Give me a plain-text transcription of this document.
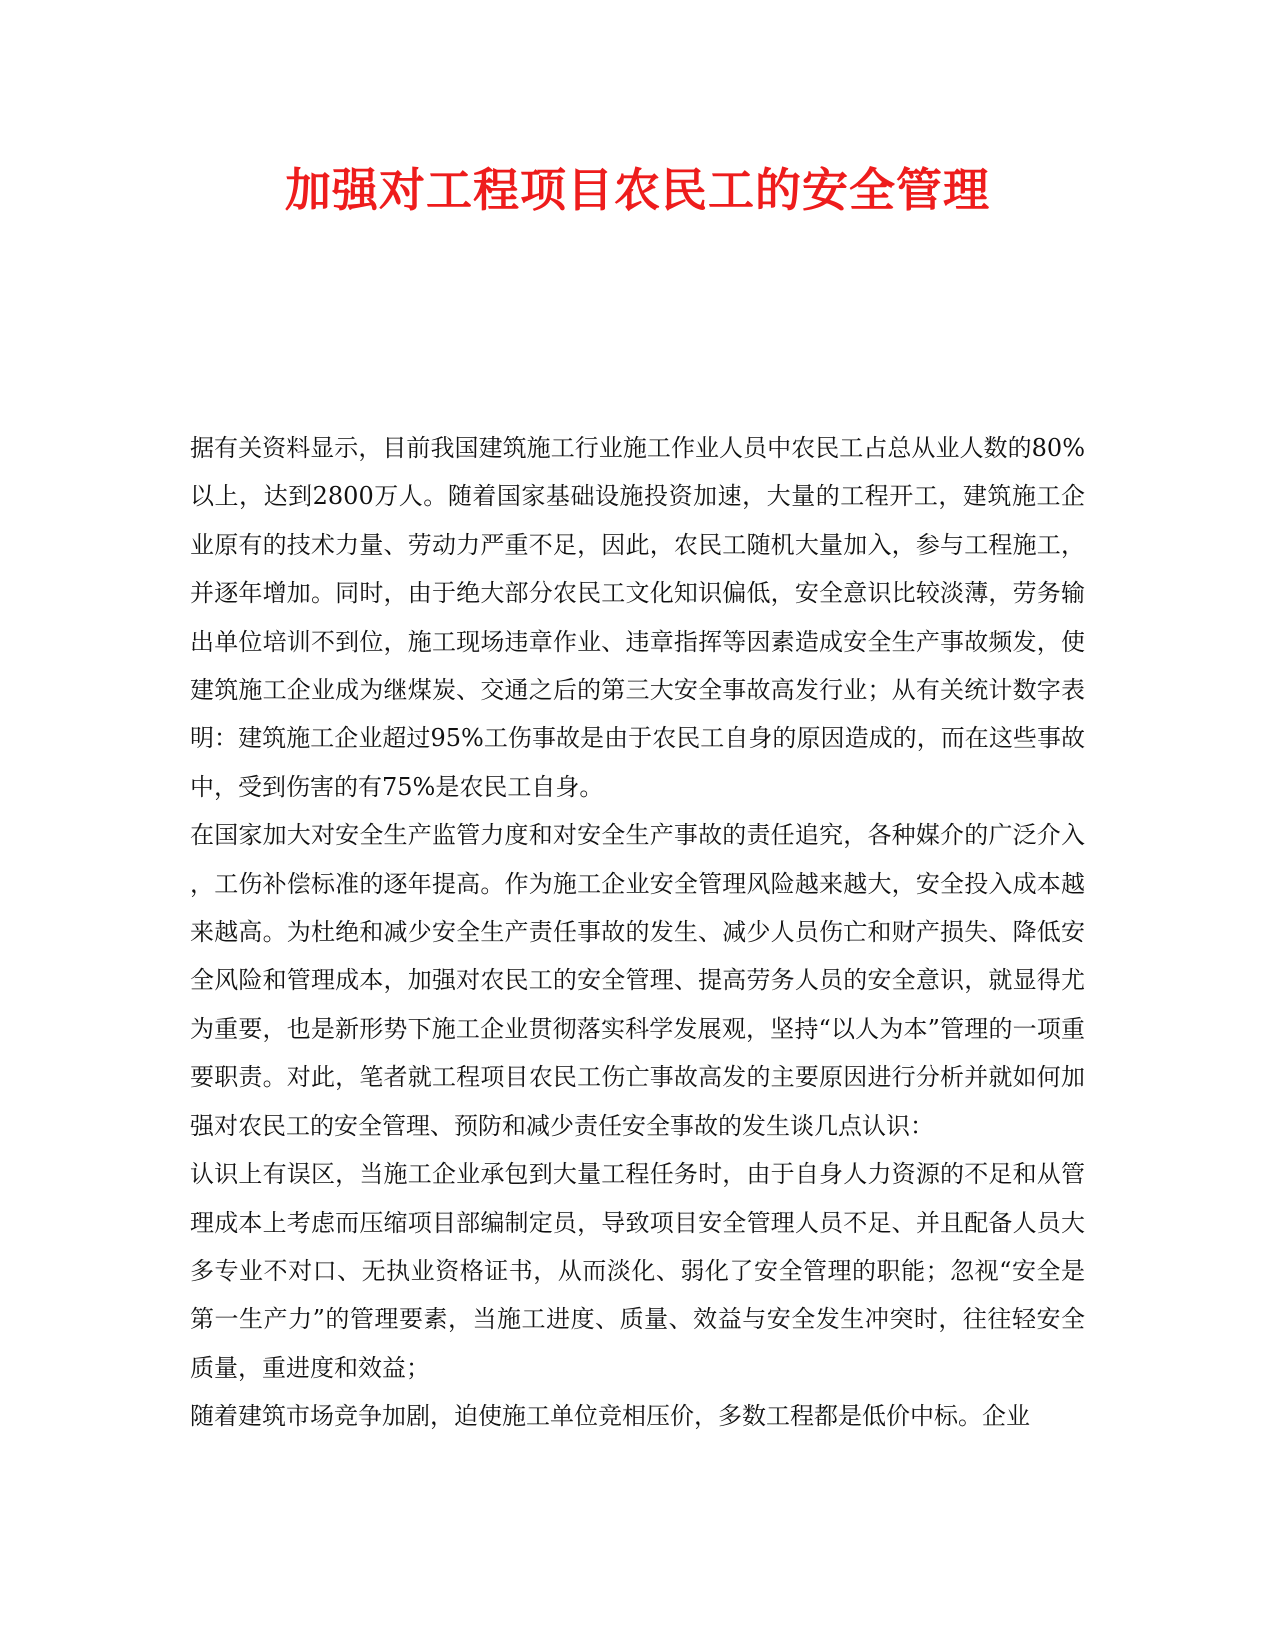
加强对工程项目农民工的安全管理

据有关资料显示，目前我国建筑施工行业施工作业人员中农民工占总从业人数的80%以上，达到2800万人。随着国家基础设施投资加速，大量的工程开工，建筑施工企业原有的技术力量、劳动力严重不足，因此，农民工随机大量加入，参与工程施工，并逐年增加。同时，由于绝大部分农民工文化知识偏低，安全意识比较淡薄，劳务输出单位培训不到位，施工现场违章作业、违章指挥等因素造成安全生产事故频发，使建筑施工企业成为继煤炭、交通之后的第三大安全事故高发行业；从有关统计数字表明：建筑施工企业超过95%工伤事故是由于农民工自身的原因造成的，而在这些事故中，受到伤害的有75%是农民工自身。

在国家加大对安全生产监管力度和对安全生产事故的责任追究，各种媒介的广泛介入，工伤补偿标准的逐年提高。作为施工企业安全管理风险越来越大，安全投入成本越来越高。为杜绝和减少安全生产责任事故的发生、减少人员伤亡和财产损失、降低安全风险和管理成本，加强对农民工的安全管理、提高劳务人员的安全意识，就显得尤为重要，也是新形势下施工企业贯彻落实科学发展观，坚持“以人为本”管理的一项重要职责。对此，笔者就工程项目农民工伤亡事故高发的主要原因进行分析并就如何加强对农民工的安全管理、预防和减少责任安全事故的发生谈几点认识：

认识上有误区，当施工企业承包到大量工程任务时，由于自身人力资源的不足和从管理成本上考虑而压缩项目部编制定员，导致项目安全管理人员不足、并且配备人员大多专业不对口、无执业资格证书，从而淡化、弱化了安全管理的职能；忽视“安全是第一生产力”的管理要素，当施工进度、质量、效益与安全发生冲突时，往往轻安全质量，重进度和效益；

随着建筑市场竞争加剧，迫使施工单位竞相压价，多数工程都是低价中标。企业
